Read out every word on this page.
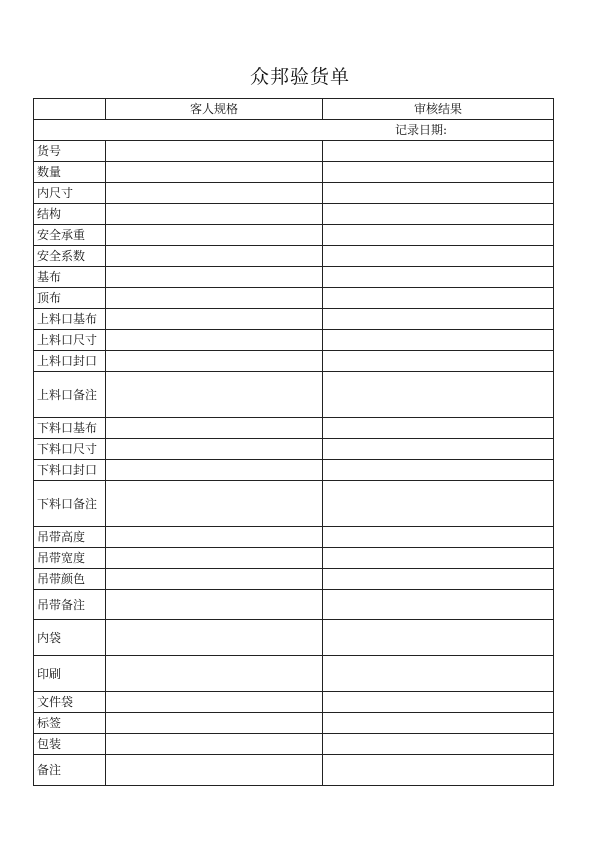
众邦验货单
	客人规格	审核结果
记录日期:		
货号		
数量		
内尺寸		
结构		
安全承重		
安全系数		
基布		
顶布		
上料口基布		
上料口尺寸		
上料口封口		
上料口备注		
下料口基布		
下料口尺寸		
下料口封口		
下料口备注		
吊带高度		
吊带宽度		
吊带颜色		
吊带备注		
内袋		
印刷		
文件袋		
标签		
包装		
备注		
